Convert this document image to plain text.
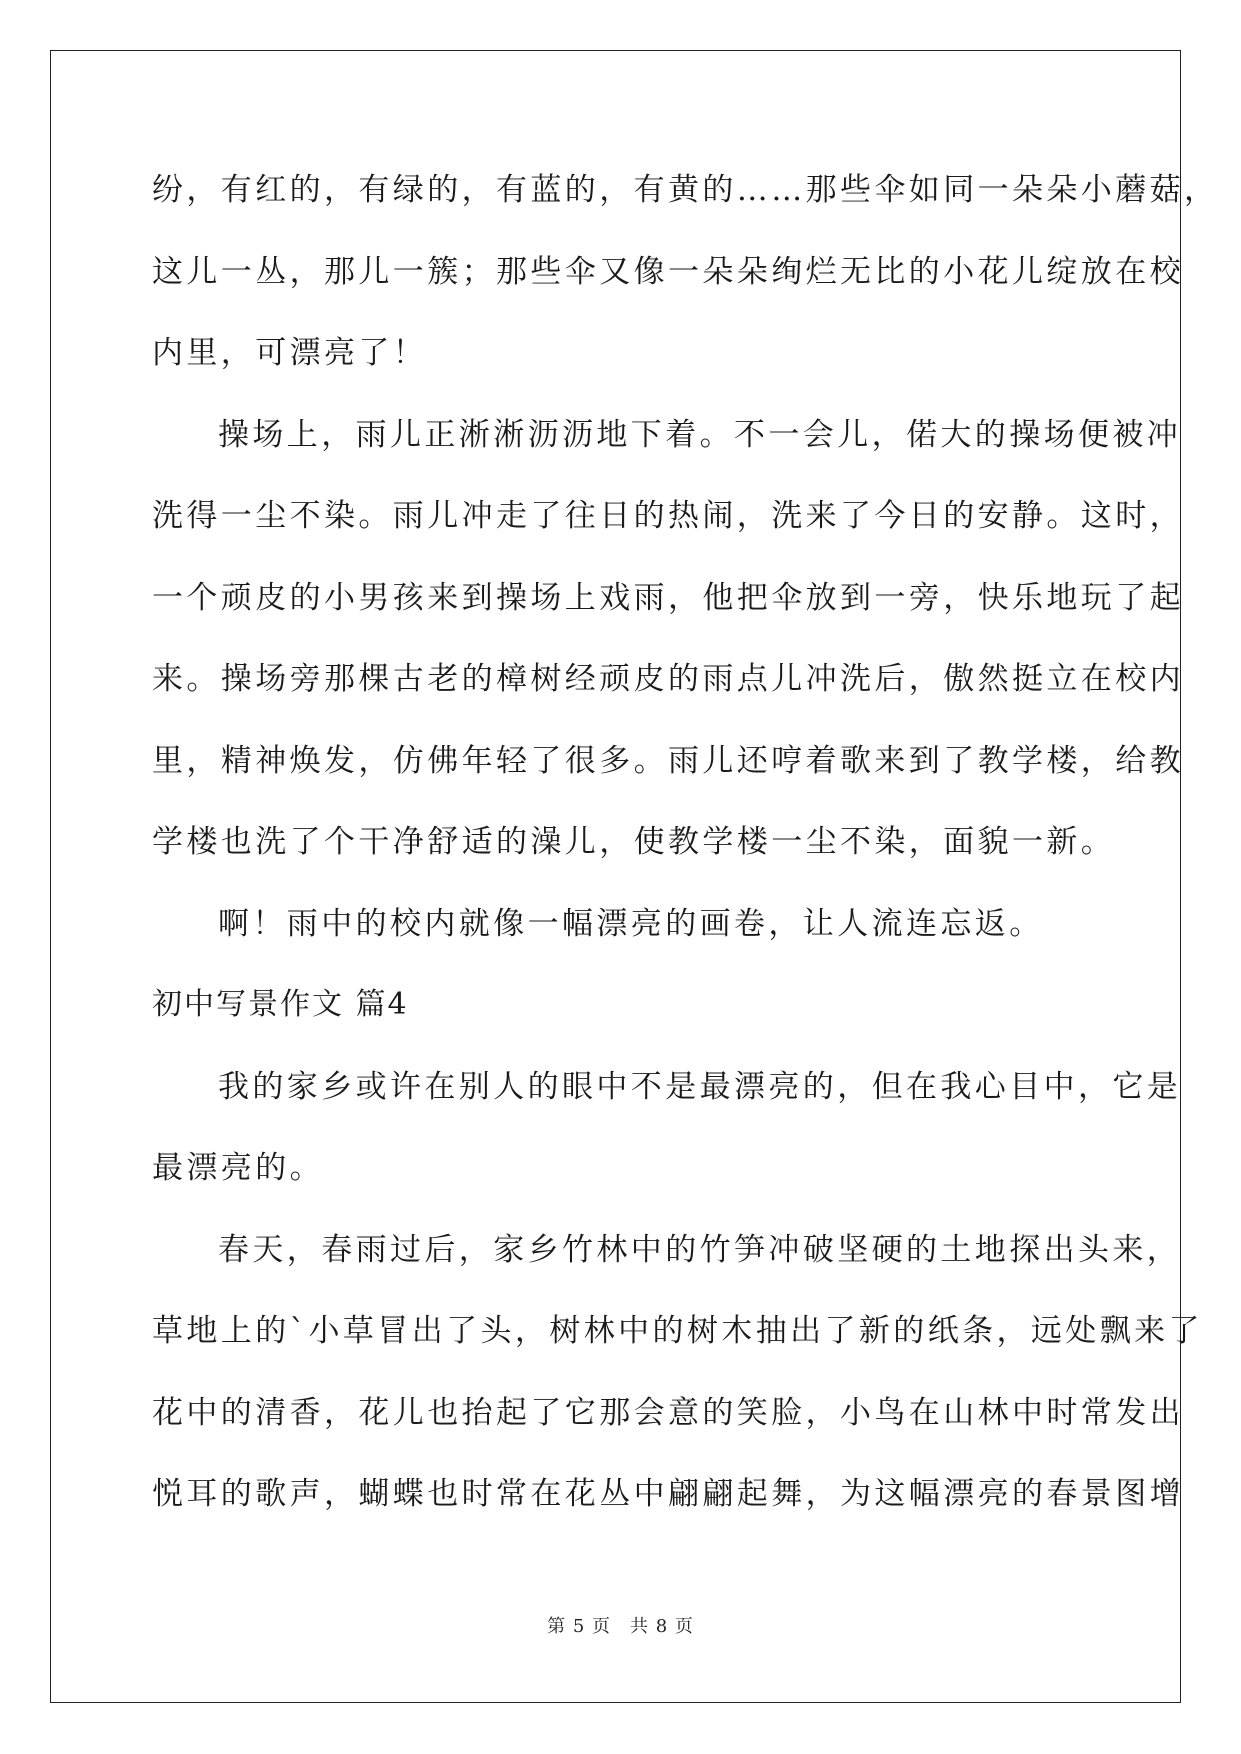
纷，有红的，有绿的，有蓝的，有黄的……那些伞如同一朵朵小蘑菇，
这儿一丛，那儿一簇；那些伞又像一朵朵绚烂无比的小花儿绽放在校
内里，可漂亮了！
操场上，雨儿正淅淅沥沥地下着。不一会儿，偌大的操场便被冲
洗得一尘不染。雨儿冲走了往日的热闹，洗来了今日的安静。这时，
一个顽皮的小男孩来到操场上戏雨，他把伞放到一旁，快乐地玩了起
来。操场旁那棵古老的樟树经顽皮的雨点儿冲洗后，傲然挺立在校内
里，精神焕发，仿佛年轻了很多。雨儿还哼着歌来到了教学楼，给教
学楼也洗了个干净舒适的澡儿，使教学楼一尘不染，面貌一新。
啊！雨中的校内就像一幅漂亮的画卷，让人流连忘返。
初中写景作文 篇4
我的家乡或许在别人的眼中不是最漂亮的，但在我心目中，它是
最漂亮的。
春天，春雨过后，家乡竹林中的竹笋冲破坚硬的土地探出头来，
草地上的`小草冒出了头，树林中的树木抽出了新的纸条，远处飘来了
花中的清香，花儿也抬起了它那会意的笑脸，小鸟在山林中时常发出
悦耳的歌声，蝴蝶也时常在花丛中翩翩起舞，为这幅漂亮的春景图增
第 5 页　共 8 页
